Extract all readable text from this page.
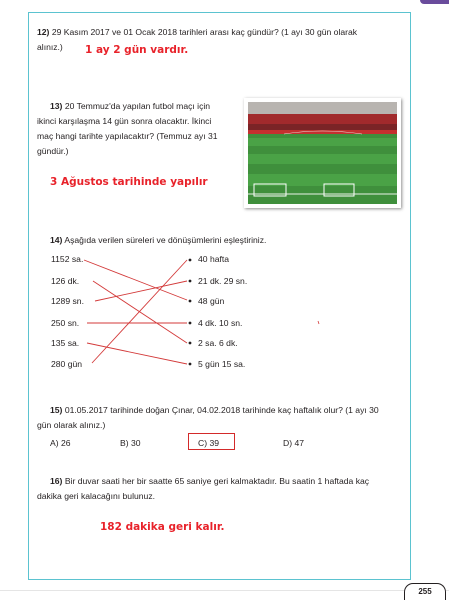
12) 29 Kasım 2017 ve 01 Ocak 2018 tarihleri arası kaç gündür? (1 ayı 30 gün olarak
alınız.) 1 ay 2 gün vardır.
13) 20 Temmuz'da yapılan futbol maçı için
ikinci karşılaşma 14 gün sonra olacaktır. İkinci
maç hangi tarihte yapılacaktır? (Temmuz ayı 31
gündür.)
3 Ağustos tarihinde yapılır
14) Aşağıda verilen süreleri ve dönüşümlerini eşleştiriniz.
1152 sa.
126 dk.
1289 sn.
250 sn.
135 sa.
280 gün
40 hafta
21 dk. 29 sn.
48 gün
4 dk. 10 sn.
2 sa. 6 dk.
5 gün 15 sa.
15) 01.05.2017 tarihinde doğan Çınar, 04.02.2018 tarihinde kaç haftalık olur? (1 ayı 30
gün olarak alınız.)
A) 26	B) 30	C) 39	D) 47
16) Bir duvar saati her bir saatte 65 saniye geri kalmaktadır. Bu saatin 1 haftada kaç
dakika geri kalacağını bulunuz.
182 dakika geri kalır.
255
